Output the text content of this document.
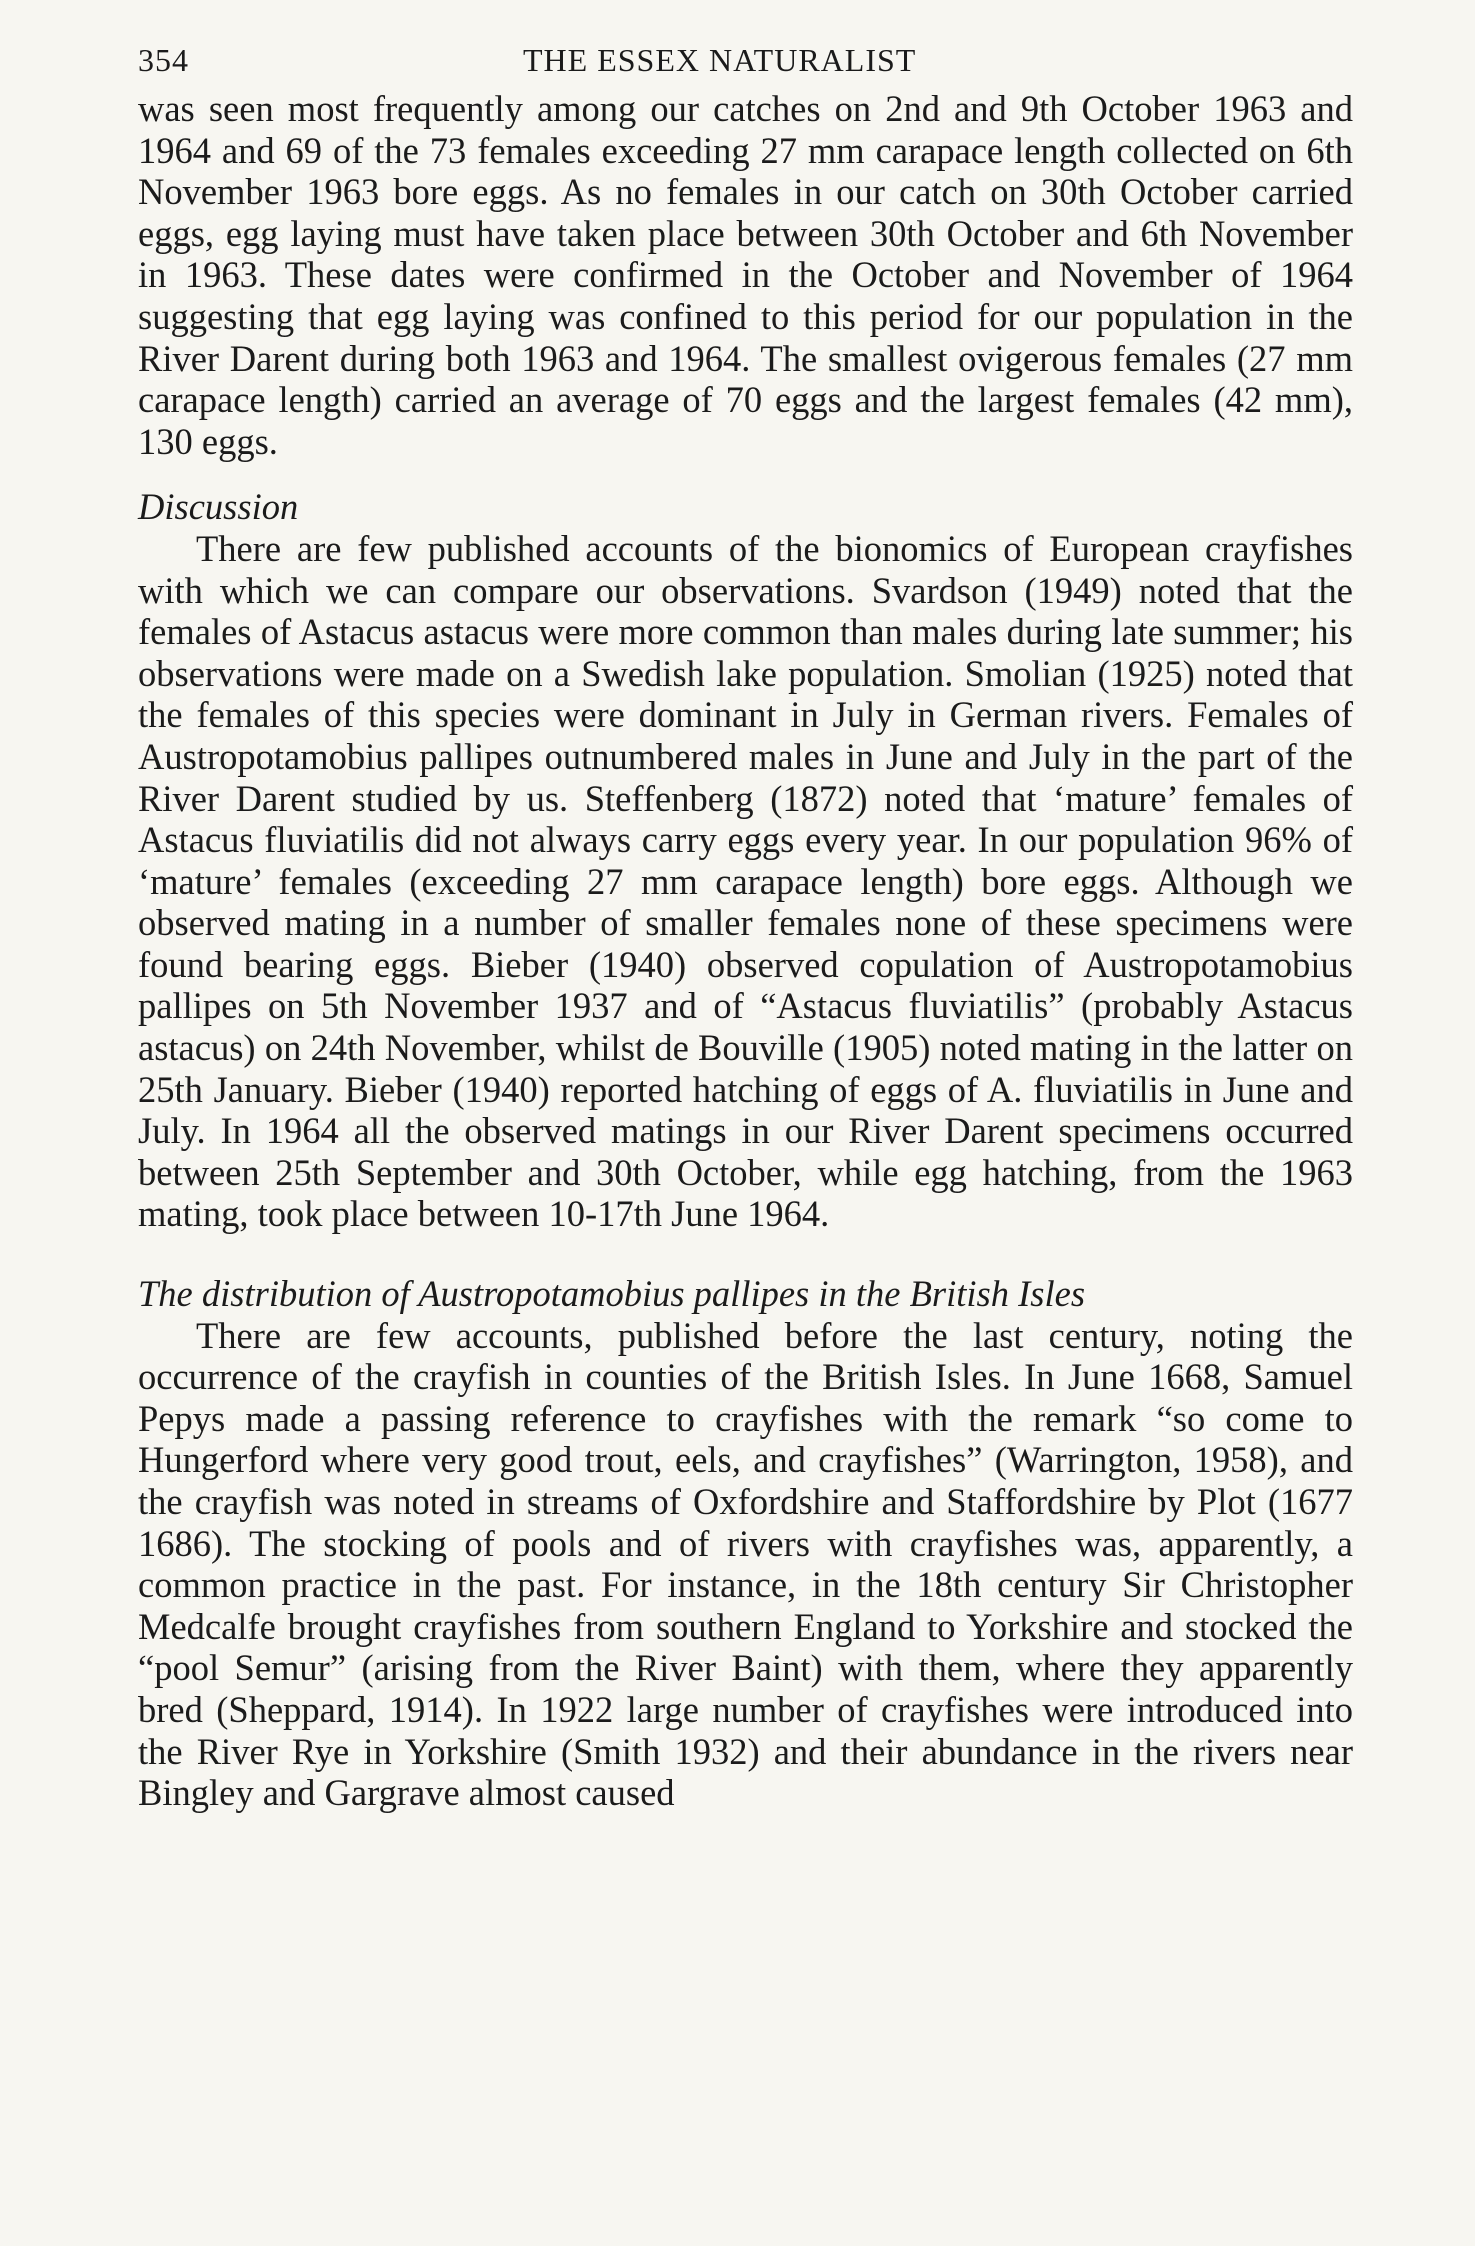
354	THE ESSEX NATURALIST

was seen most frequently among our catches on 2nd and 9th October 1963 and 1964 and 69 of the 73 females exceeding 27 mm carapace length collected on 6th November 1963 bore eggs. As no females in our catch on 30th October carried eggs, egg laying must have taken place between 30th October and 6th November in 1963. These dates were confirmed in the October and November of 1964 suggesting that egg laying was confined to this period for our population in the River Darent during both 1963 and 1964. The smallest ovigerous females (27 mm carapace length) carried an average of 70 eggs and the largest females (42 mm), 130 eggs.

Discussion

There are few published accounts of the bionomics of European crayfishes with which we can compare our observations. Svardson (1949) noted that the females of Astacus astacus were more common than males during late summer; his observations were made on a Swedish lake population. Smolian (1925) noted that the females of this species were dominant in July in German rivers. Females of Austropotamobius pallipes outnumbered males in June and July in the part of the River Darent studied by us. Steffenberg (1872) noted that ‘mature’ females of Astacus fluviatilis did not always carry eggs every year. In our population 96% of ‘mature’ females (exceeding 27 mm carapace length) bore eggs. Although we observed mating in a number of smaller females none of these specimens were found bearing eggs. Bieber (1940) observed copulation of Austropotamobius pallipes on 5th November 1937 and of “Astacus fluviatilis” (probably Astacus astacus) on 24th November, whilst de Bouville (1905) noted mating in the latter on 25th January. Bieber (1940) reported hatching of eggs of A. fluviatilis in June and July. In 1964 all the observed matings in our River Darent specimens occurred between 25th September and 30th October, while egg hatching, from the 1963 mating, took place between 10-17th June 1964.

The distribution of Austropotamobius pallipes in the British Isles

There are few accounts, published before the last century, noting the occurrence of the crayfish in counties of the British Isles. In June 1668, Samuel Pepys made a passing reference to crayfishes with the remark “so come to Hungerford where very good trout, eels, and crayfishes” (Warrington, 1958), and the crayfish was noted in streams of Oxfordshire and Staffordshire by Plot (1677 1686). The stocking of pools and of rivers with crayfishes was, apparently, a common practice in the past. For instance, in the 18th century Sir Christopher Medcalfe brought crayfishes from southern England to Yorkshire and stocked the “pool Semur” (arising from the River Baint) with them, where they apparently bred (Sheppard, 1914). In 1922 large number of crayfishes were introduced into the River Rye in Yorkshire (Smith 1932) and their abundance in the rivers near Bingley and Gargrave almost caused
